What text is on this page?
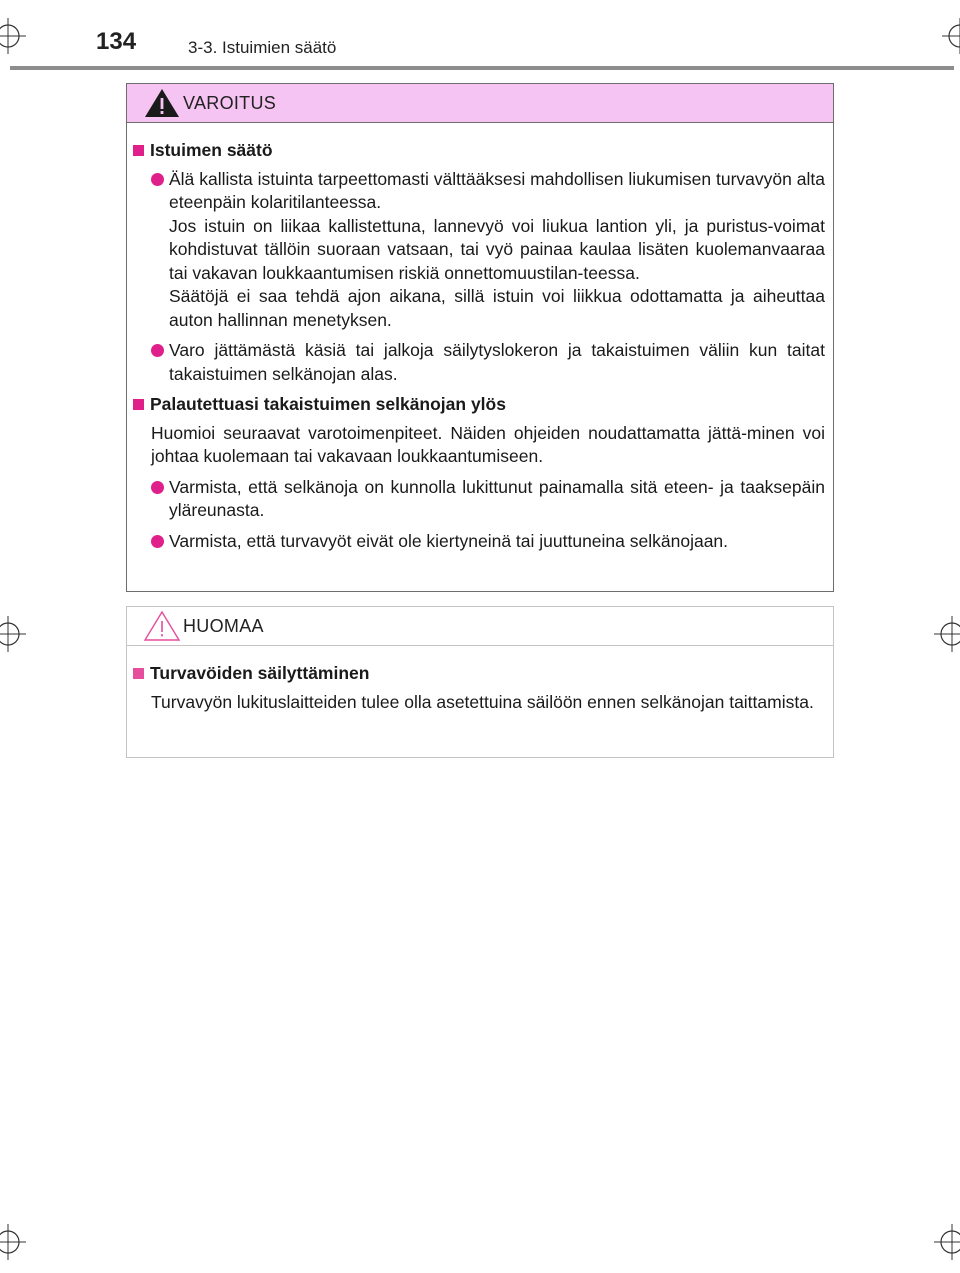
134	3-3. Istuimien säätö
VAROITUS
Istuimen säätö

Älä kallista istuinta tarpeettomasti välttääksesi mahdollisen liukumisen turvavyön alta eteenpäin kolaritilanteessa.

Jos istuin on liikaa kallistettuna, lannevyö voi liukua lantion yli, ja puristus-voimat kohdistuvat tällöin suoraan vatsaan, tai vyö painaa kaulaa lisäten kuolemanvaaraa tai vakavan loukkaantumisen riskiä onnettomuustilan-teessa.

Säätöjä ei saa tehdä ajon aikana, sillä istuin voi liikkua odottamatta ja aiheuttaa auton hallinnan menetyksen.

Varo jättämästä käsiä tai jalkoja säilytyslokeron ja takaistuimen väliin kun taitat takaistuimen selkänojan alas.

Palautettuasi takaistuimen selkänojan ylös
Huomioi seuraavat varotoimenpiteet. Näiden ohjeiden noudattamatta jättä-minen voi johtaa kuolemaan tai vakavaan loukkaantumiseen.

Varmista, että selkänoja on kunnolla lukittunut painamalla sitä eteen- ja taaksepäin yläreunasta.

Varmista, että turvavyöt eivät ole kiertyneinä tai juuttuneina selkänojaan.

HUOMAA
Turvavöiden säilyttäminen
Turvavyön lukituslaitteiden tulee olla asetettuina säilöön ennen selkänojan taittamista.
